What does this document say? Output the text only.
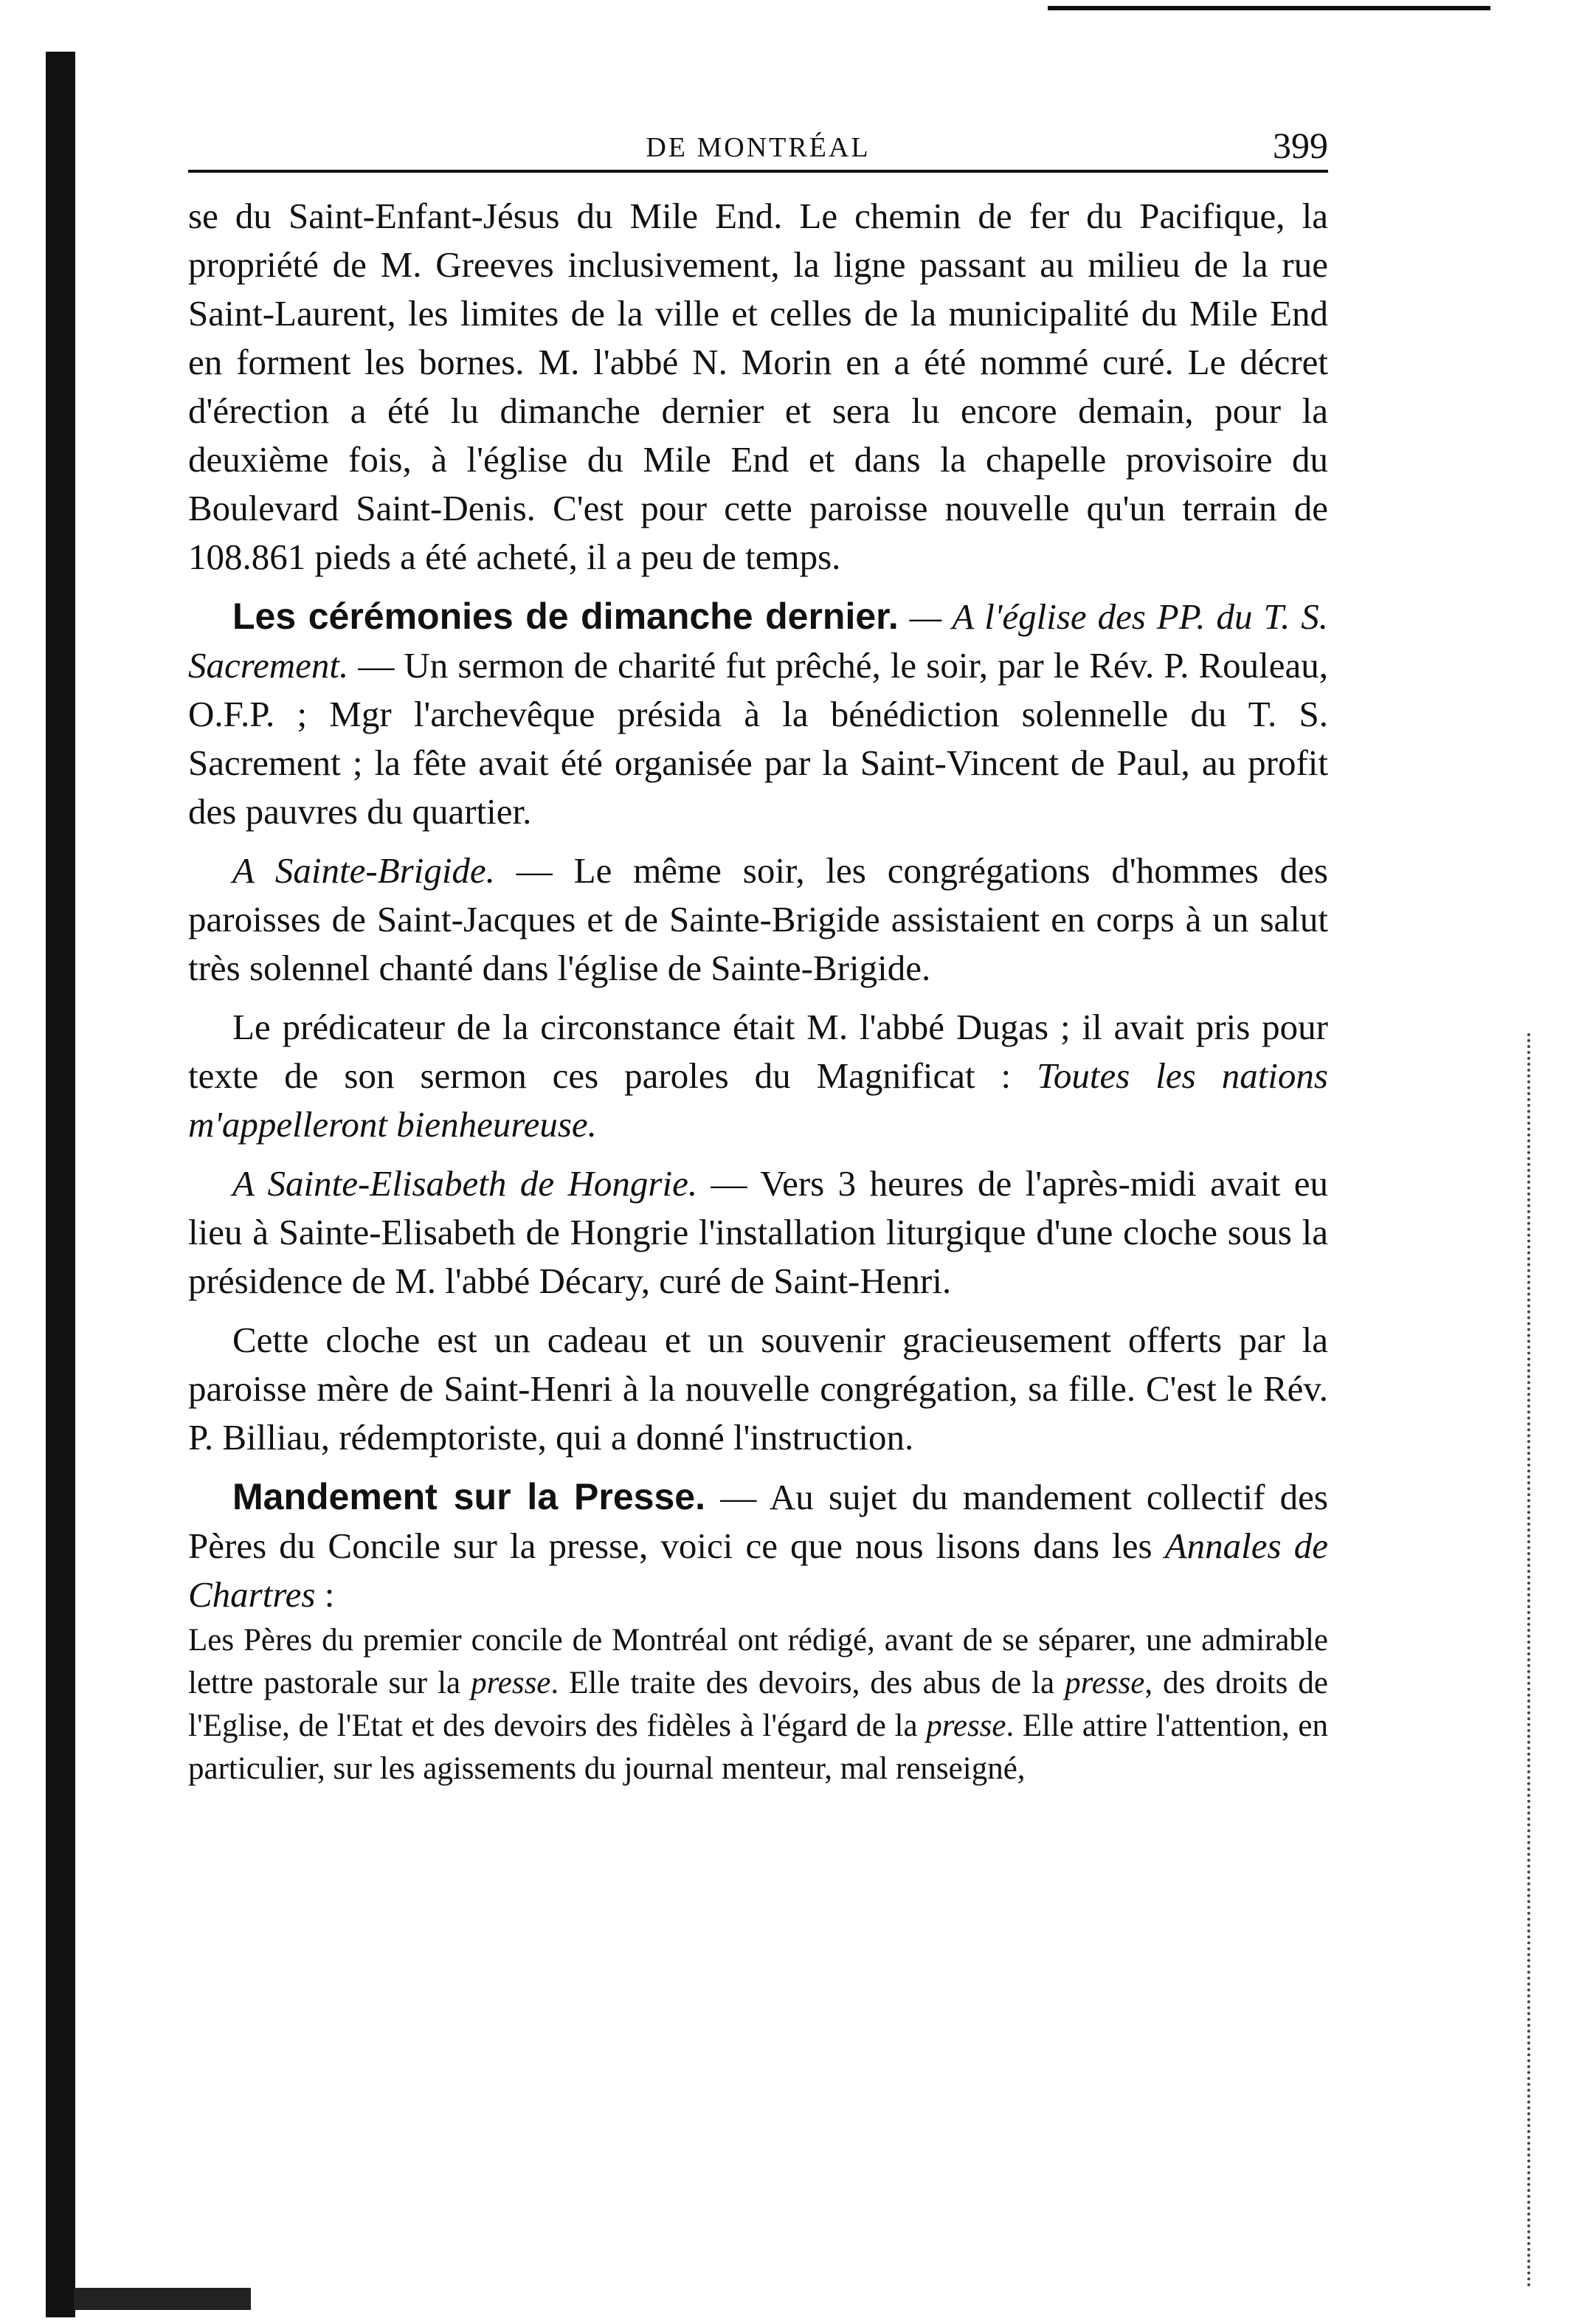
DE MONTRÉAL	399

se du Saint-Enfant-Jésus du Mile End. Le chemin de fer du Pacifique, la propriété de M. Greeves inclusivement, la ligne passant au milieu de la rue Saint-Laurent, les limites de la ville et celles de la municipalité du Mile End en forment les bornes. M. l'abbé N. Morin en a été nommé curé. Le décret d'érection a été lu dimanche dernier et sera lu encore demain, pour la deuxième fois, à l'église du Mile End et dans la chapelle provisoire du Boulevard Saint-Denis. C'est pour cette paroisse nouvelle qu'un terrain de 108.861 pieds a été acheté, il a peu de temps.

Les cérémonies de dimanche dernier. — A l'église des PP. du T. S. Sacrement. — Un sermon de charité fut prêché, le soir, par le Rév. P. Rouleau, O.F.P. ; Mgr l'archevêque présida à la bénédiction solennelle du T. S. Sacrement ; la fête avait été organisée par la Saint-Vincent de Paul, au profit des pauvres du quartier.

A Sainte-Brigide. — Le même soir, les congrégations d'hommes des paroisses de Saint-Jacques et de Sainte-Brigide assistaient en corps à un salut très solennel chanté dans l'église de Sainte-Brigide.

Le prédicateur de la circonstance était M. l'abbé Dugas ; il avait pris pour texte de son sermon ces paroles du Magnificat : Toutes les nations m'appelleront bienheureuse.

A Sainte-Elisabeth de Hongrie. — Vers 3 heures de l'après-midi avait eu lieu à Sainte-Elisabeth de Hongrie l'installation liturgique d'une cloche sous la présidence de M. l'abbé Décary, curé de Saint-Henri.

Cette cloche est un cadeau et un souvenir gracieusement offerts par la paroisse mère de Saint-Henri à la nouvelle congrégation, sa fille. C'est le Rév. P. Billiau, rédemptoriste, qui a donné l'instruction.

Mandement sur la Presse. — Au sujet du mandement collectif des Pères du Concile sur la presse, voici ce que nous lisons dans les Annales de Chartres :

Les Pères du premier concile de Montréal ont rédigé, avant de se séparer, une admirable lettre pastorale sur la presse. Elle traite des devoirs, des abus de la presse, des droits de l'Eglise, de l'Etat et des devoirs des fidèles à l'égard de la presse. Elle attire l'attention, en particulier, sur les agissements du journal menteur, mal renseigné,
